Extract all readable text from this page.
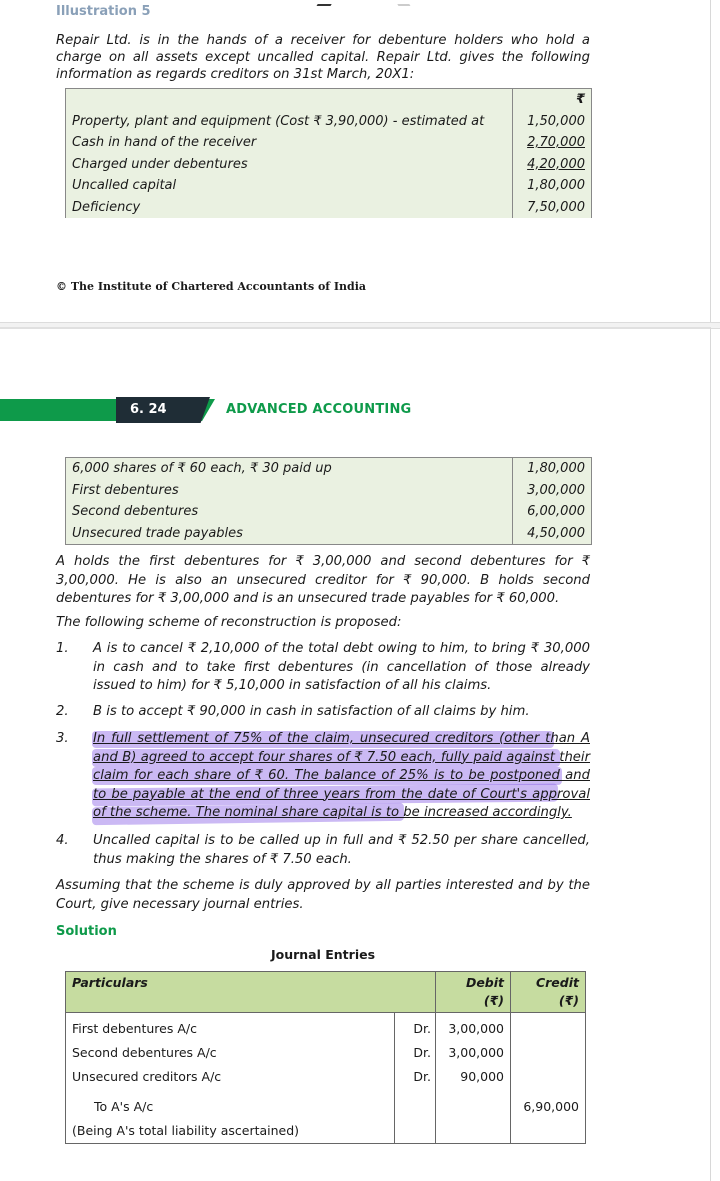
Illustration 5
Repair Ltd. is in the hands of a receiver for debenture holders who hold a charge on all assets except uncalled capital. Repair Ltd. gives the following information as regards creditors on 31st March, 20X1:
	₹
Property, plant and equipment (Cost ₹ 3,90,000) - estimated at	1,50,000
Cash in hand of the receiver	2,70,000
Charged under debentures	4,20,000
Uncalled capital	1,80,000
Deficiency	7,50,000
© The Institute of Chartered Accountants of India
6. 24	ADVANCED ACCOUNTING
6,000 shares of ₹ 60 each, ₹ 30 paid up	1,80,000
First debentures	3,00,000
Second debentures	6,00,000
Unsecured trade payables	4,50,000
A holds the first debentures for ₹ 3,00,000 and second debentures for ₹ 3,00,000. He is also an unsecured creditor for ₹ 90,000. B holds second debentures for ₹ 3,00,000 and is an unsecured trade payables for ₹ 60,000.
The following scheme of reconstruction is proposed:
1. A is to cancel ₹ 2,10,000 of the total debt owing to him, to bring ₹ 30,000 in cash and to take first debentures (in cancellation of those already issued to him) for ₹ 5,10,000 in satisfaction of all his claims.
2. B is to accept ₹ 90,000 in cash in satisfaction of all claims by him.
3. In full settlement of 75% of the claim, unsecured creditors (other than A and B) agreed to accept four shares of ₹ 7.50 each, fully paid against their claim for each share of ₹ 60. The balance of 25% is to be postponed and to be payable at the end of three years from the date of Court's approval of the scheme. The nominal share capital is to be increased accordingly.
4. Uncalled capital is to be called up in full and ₹ 52.50 per share cancelled, thus making the shares of ₹ 7.50 each.
Assuming that the scheme is duly approved by all parties interested and by the Court, give necessary journal entries.
Solution
Journal Entries
Particulars		Debit
(₹)	Credit
(₹)
First debentures A/c	Dr.	3,00,000	
Second debentures A/c	Dr.	3,00,000	
Unsecured creditors A/c	Dr.	90,000	
To A's A/c			6,90,000
(Being A's total liability ascertained)			
